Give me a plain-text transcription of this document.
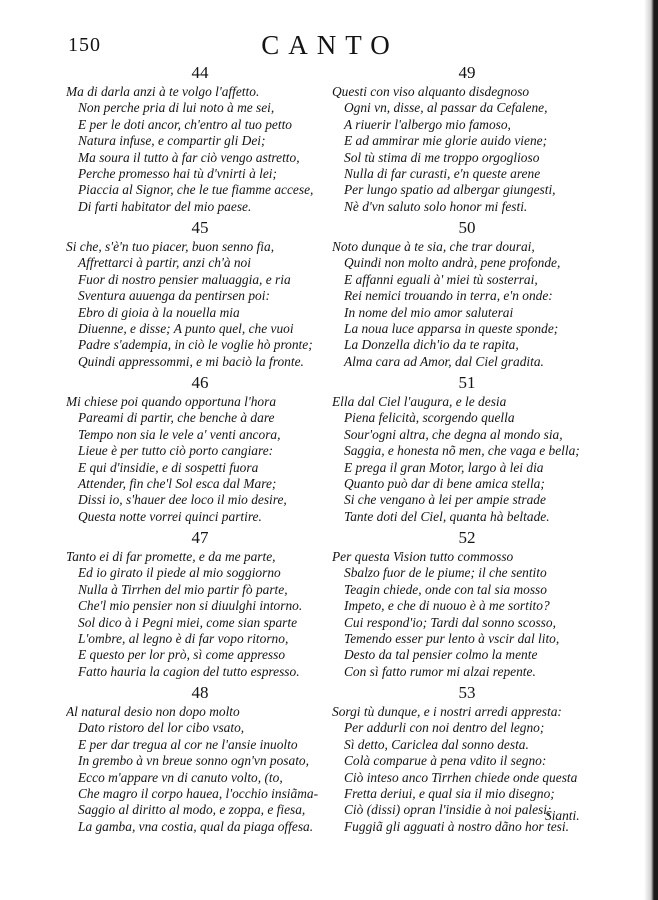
150	CANTO
44
Ma di darla anzi à te volgo l'affetto.
Non perche pria di lui noto à me sei,
E per le doti ancor, ch'entro al tuo petto
Natura infuse, e compartir gli Dei;
Ma soura il tutto à far ciò vengo astretto,
Perche promesso hai tù d'vnirti à lei;
Piaccia al Signor, che le tue fiamme accese,
Di farti habitator del mio paese.
45
Si che, s'è'n tuo piacer, buon senno fia,
Affrettarci à partir, anzi ch'à noi
Fuor di nostro pensier maluaggia, e ria
Sventura auuenga da pentirsen poi:
Ebro di gioia à la nouella mia
Diuenne, e disse; A punto quel, che vuoi
Padre s'adempia, in ciò le voglie hò pronte;
Quindi appressommi, e mi baciò la fronte.
46
Mi chiese poi quando opportuna l'hora
Pareami di partir, che benche à dare
Tempo non sia le vele a' venti ancora,
Lieue è per tutto ciò porto cangiare:
E qui d'insidie, e di sospetti fuora
Attender, fin che'l Sol esca dal Mare;
Dissi io, s'hauer dee loco il mio desire,
Questa notte vorrei quinci partire.
47
Tanto ei di far promette, e da me parte,
Ed io girato il piede al mio soggiorno
Nulla à Tirrhen del mio partir fò parte,
Che'l mio pensier non si diuulghi intorno.
Sol dico à i Pegni miei, come sian sparte
L'ombre, al legno è di far vopo ritorno,
E questo per lor prò, sì come appresso
Fatto hauria la cagion del tutto espresso.
48
Al natural desio non dopo molto
Dato ristoro del lor cibo vsato,
E per dar tregua al cor ne l'ansie inuolto
In grembo à vn breue sonno ogn'vn posato,
Ecco m'appare vn di canuto volto, (to,
Che magro il corpo haueа, l'occhio insiãma-
Saggio al diritto al modo, e zoppa, e fiesa,
La gamba, vna costia, qual da piaga offesa.
49
Questi con viso alquanto disdegnoso
Ogni vn, disse, al passar da Cefalene,
A riuerir l'albergo mio famoso,
E ad ammirar mie glorie auido viene;
Sol tù stima di me troppo orgoglioso
Nulla di far curasti, e'n queste arene
Per lungo spatio ad albergar giungesti,
Nè d'vn saluto solo honor mi festi.
50
Noto dunque à te sia, che trar dourai,
Quindi non molto andrà, pene profonde,
E affanni eguali à' miei tù sosterrai,
Rei nemici trouando in terra, e'n onde:
In nome del mio amor saluterai
La noua luce apparsa in queste sponde;
La Donzella dich'io da te rapita,
Alma cara ad Amor, dal Ciel gradita.
51
Ella dal Ciel l'augura, e le desia
Piena felicità, scorgendo quella
Sour'ogni altra, che degna al mondo sia,
Saggia, e honesta nõ men, che vaga e bella;
E prega il gran Motor, largo à lei dia
Quanto può dar di bene amica stella;
Si che vengano à lei per ampie strade
Tante doti del Ciel, quanta hà beltade.
52
Per questa Vision tutto commosso
Sbalzo fuor de le piume; il che sentito
Teagin chiede, onde con tal sia mosso
Impeto, e che di nuouo è à me sortito?
Cui respond'io; Tardi dal sonno scosso,
Temendo esser pur lento à vscir dal lito,
Desto da tal pensier colmo la mente
Con sì fatto rumor mi alzai repente.
53
Sorgi tù dunque, e i nostri arredi appresta:
Per addurli con noi dentro del legno;
Sì detto, Cariclea dal sonno desta.
Colà comparue à pena vdito il segno:
Ciò inteso anco Tirrhen chiede onde questa
Fretta deriui, e qual sia il mio disegno;
Ciò (dissi) opran l'insidie à noi palesi;
Fuggiã gli agguati à nostro dãno hor tesi.
Sianti.
